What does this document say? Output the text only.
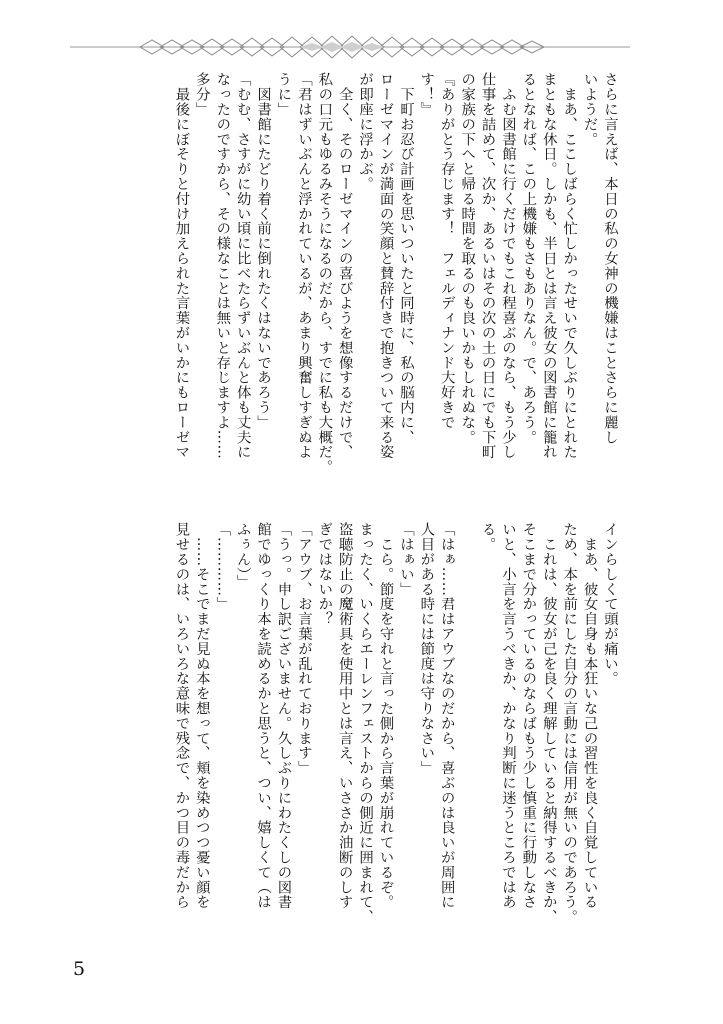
さらに言えば、本日の私の女神の機嫌はことさらに麗し
いようだ。
　まあ、ここしばらく忙しかったせいで久しぶりにとれた
まともな休日。しかも、半日とは言え彼女の図書館に籠れ
るとなれば、この上機嫌もさもありなん。で、あろう。
　ふむ図書館に行くだけでもこれ程喜ぶのなら、もう少し
仕事を詰めて、次か、あるいはその次の土の日にでも下町
の家族の下へと帰る時間を取るのも良いかもしれぬな。
『ありがとう存じます！　フェルディナンド大好きで
す！』
　下町お忍び計画を思いついたと同時に、私の脳内に、
ローゼマインが満面の笑顔と賛辞付きで抱きついて来る姿
が即座に浮かぶ。
　全く、そのローゼマインの喜びようを想像するだけで、
私の口元もゆるみそうになるのだから、すでに私も大概だ。
「君はずいぶんと浮かれているが、あまり興奮しすぎぬよ
うに」
　図書館にたどり着く前に倒れたくはないであろう」
「むむ、さすがに幼い頃に比べたらずいぶんと体も丈夫に
なったのですから、その様なことは無いと存じますよ……
多分」
　最後にぼそりと付け加えられた言葉がいかにもローゼマ
インらしくて頭が痛い。
　まあ、彼女自身も本狂いな己の習性を良く自覚している
ため、本を前にした自分の言動には信用が無いのであろう。
　これは、彼女が己を良く理解していると納得するべきか、
そこまで分かっているのならばもう少し慎重に行動しなさ
いと、小言を言うべきか、かなり判断に迷うところではあ
る。

「はぁ……君はアウブなのだから、喜ぶのは良いが周囲に
人目がある時には節度は守りなさい」
「はぁい」
　こら。節度を守れと言った側から言葉が崩れているぞ。
まったく、いくらエーレンフェストからの側近に囲まれて、
盗聴防止の魔術具を使用中とは言え、いささか油断のしす
ぎではないか？
「アウブ、お言葉が乱れております」
「うっ。申し訳ございません。久しぶりにわたくしの図書
館でゆっくり本を読めるかと思うと、つい、嬉しくて（は
ふぅん）」
「…………」
　……そこでまだ見ぬ本を想って、頬を染めつつ憂い顔を
見せるのは、いろいろな意味で残念で、かつ目の毒だから
5
